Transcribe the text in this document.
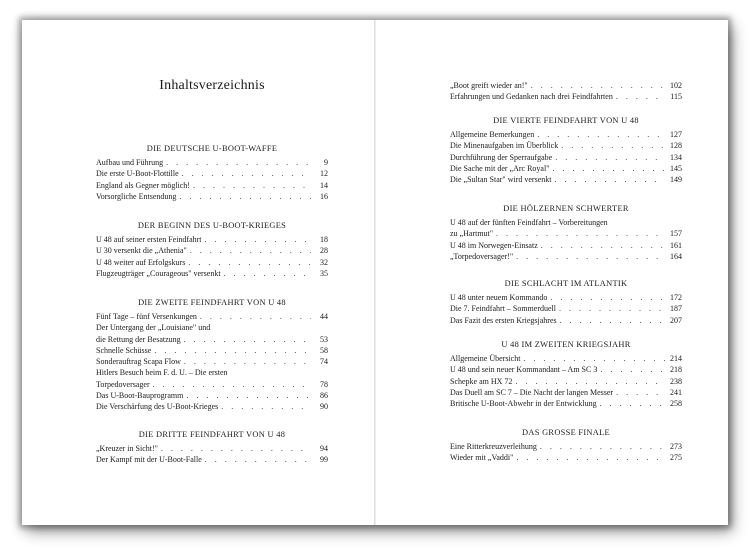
Inhaltsverzeichnis
DIE DEUTSCHE U-BOOT-WAFFE
Aufbau und Führung . . .	9
Die erste U-Boot-Flottille . . .	12
England als Gegner möglich! . . .	14
Vorsorgliche Entsendung . . .	16
DER BEGINN DES U-BOOT-KRIEGES
U 48 auf seiner ersten Feindfahrt . . .	18
U 30 versenkt die „Athenia" . . .	28
U 48 weiter auf Erfolgskurs . . .	32
Flugzeugträger „Courageous" versenkt . . .	35
DIE ZWEITE FEINDFAHRT VON U 48
Fünf Tage – fünf Versenkungen . . .	44
Der Untergang der „Louisiane" und
die Rettung der Besatzung . . .	53
Schnelle Schüsse . . .	58
Sonderauftrag Scapa Flow . . .	74
Hitlers Besuch beim F. d. U. – Die ersten
Torpedoversager . . .	78
Das U-Boot-Bauprogramm . . .	86
Die Verschärfung des U-Boot-Krieges . . .	90
DIE DRITTE FEINDFAHRT VON U 48
„Kreuzer in Sicht!" . . .	94
Der Kampf mit der U-Boot-Falle . . .	99
„Boot greift wieder an!" . . .	102
Erfahrungen und Gedanken nach drei Feindfahrten . . .	115
DIE VIERTE FEINDFAHRT VON U 48
Allgemeine Bemerkungen . . .	127
Die Minenaufgaben im Überblick . . .	128
Durchführung der Sperraufgabe . . .	134
Die Sache mit der „Arc Royal" . . .	145
Die „Sultan Star" wird versenkt . . .	149
DIE HÖLZERNEN SCHWERTER
U 48 auf der fünften Feindfahrt – Vorbereitungen
zu „Hartmut" . . .	157
U 48 im Norwegen-Einsatz . . .	161
„Torpedoversager!" . . .	164
DIE SCHLACHT IM ATLANTIK
U 48 unter neuem Kommando . . .	172
Die 7. Feindfahrt – Sommerduell . . .	187
Das Fazit des ersten Kriegsjahres . . .	207
U 48 IM ZWEITEN KRIEGSJAHR
Allgemeine Übersicht . . .	214
U 48 und sein neuer Kommandant – Am SC 3 . . .	218
Schepke am HX 72 . . .	238
Das Duell am SC 7 – Die Nacht der langen Messer . . .	241
Britische U-Boot-Abwehr in der Entwicklung . . .	258
DAS GROSSE FINALE
Eine Ritterkreuzverleihung . . .	273
Wieder mit „Vaddi" . . .	275
